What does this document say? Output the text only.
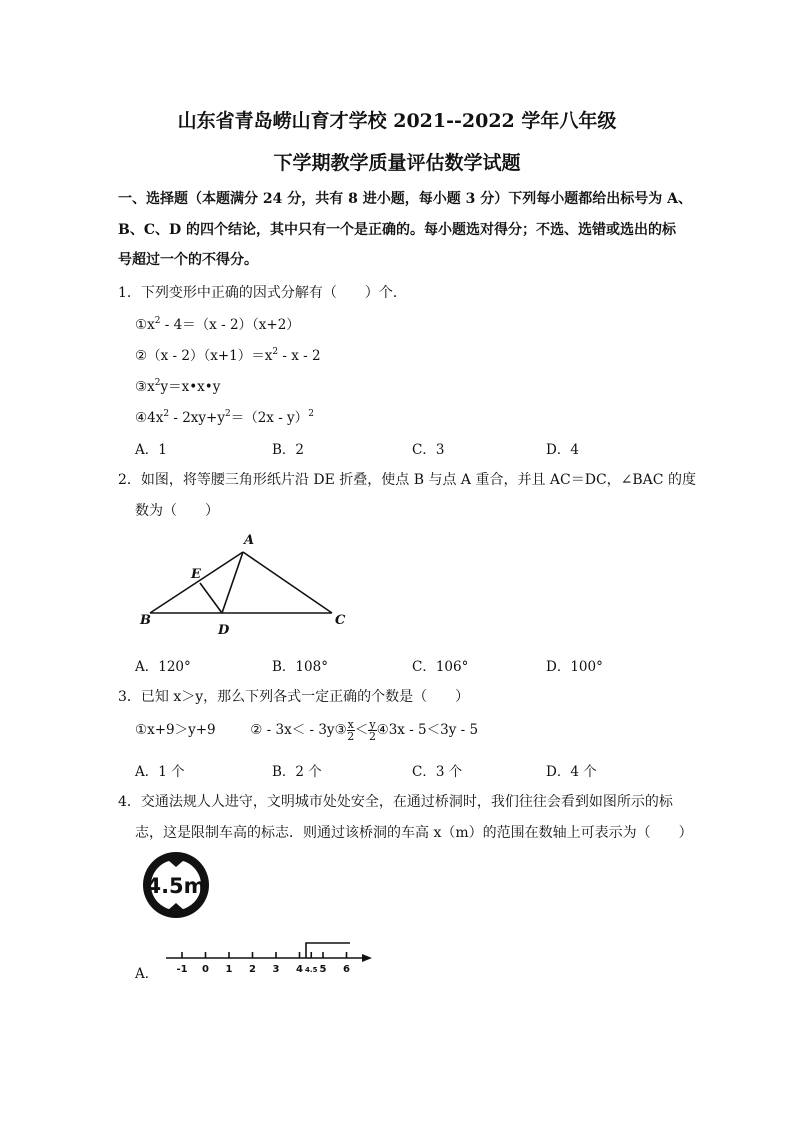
山东省青岛崂山育才学校 2021--2022 学年八年级
下学期教学质量评估数学试题
一、选择题（本题满分 24 分，共有 8 进小题，每小题 3 分）下列每小题都给出标号为 A、
B、C、D 的四个结论，其中只有一个是正确的。每小题选对得分；不选、选错或选出的标
号超过一个的不得分。
1．下列变形中正确的因式分解有（　　）个．
$①x^2 - 4=(x - 2)(x+2)$
②（x - $2)(x+1)=x^2 - x - 2$
$③x^2y=x•x•y$
$④4x^2 - 2xy+y^2=(2x - y)^2$
A．1	B．2	C．3	D．4
2．如图，将等腰三角形纸片沿 DE 折叠，使点 B 与点 A 重合，并且 AC＝DC，∠BAC 的度
数为（　　）
A
B	C
D
E
A．120°	B．108°	C．106°	D．100°
3．已知 x＞y，那么下列各式一定正确的个数是（　　）
①x+9＞y+9	② - 3x＜ - 3y③ $\frac{x}{2} < \frac{y}{2}$ ④3x - 5＜3y - 5
A．1 个	B．2 个	C．3 个	D．4 个
4．交通法规人人进守，文明城市处处安全，在通过桥洞时，我们往往会看到如图所示的标
志，这是限制车高的标志．则通过该桥洞的车高 x（m）的范围在数轴上可表示为（　　）
4.5m
A． -1 0 1 2 3 4 4.5 5 6
